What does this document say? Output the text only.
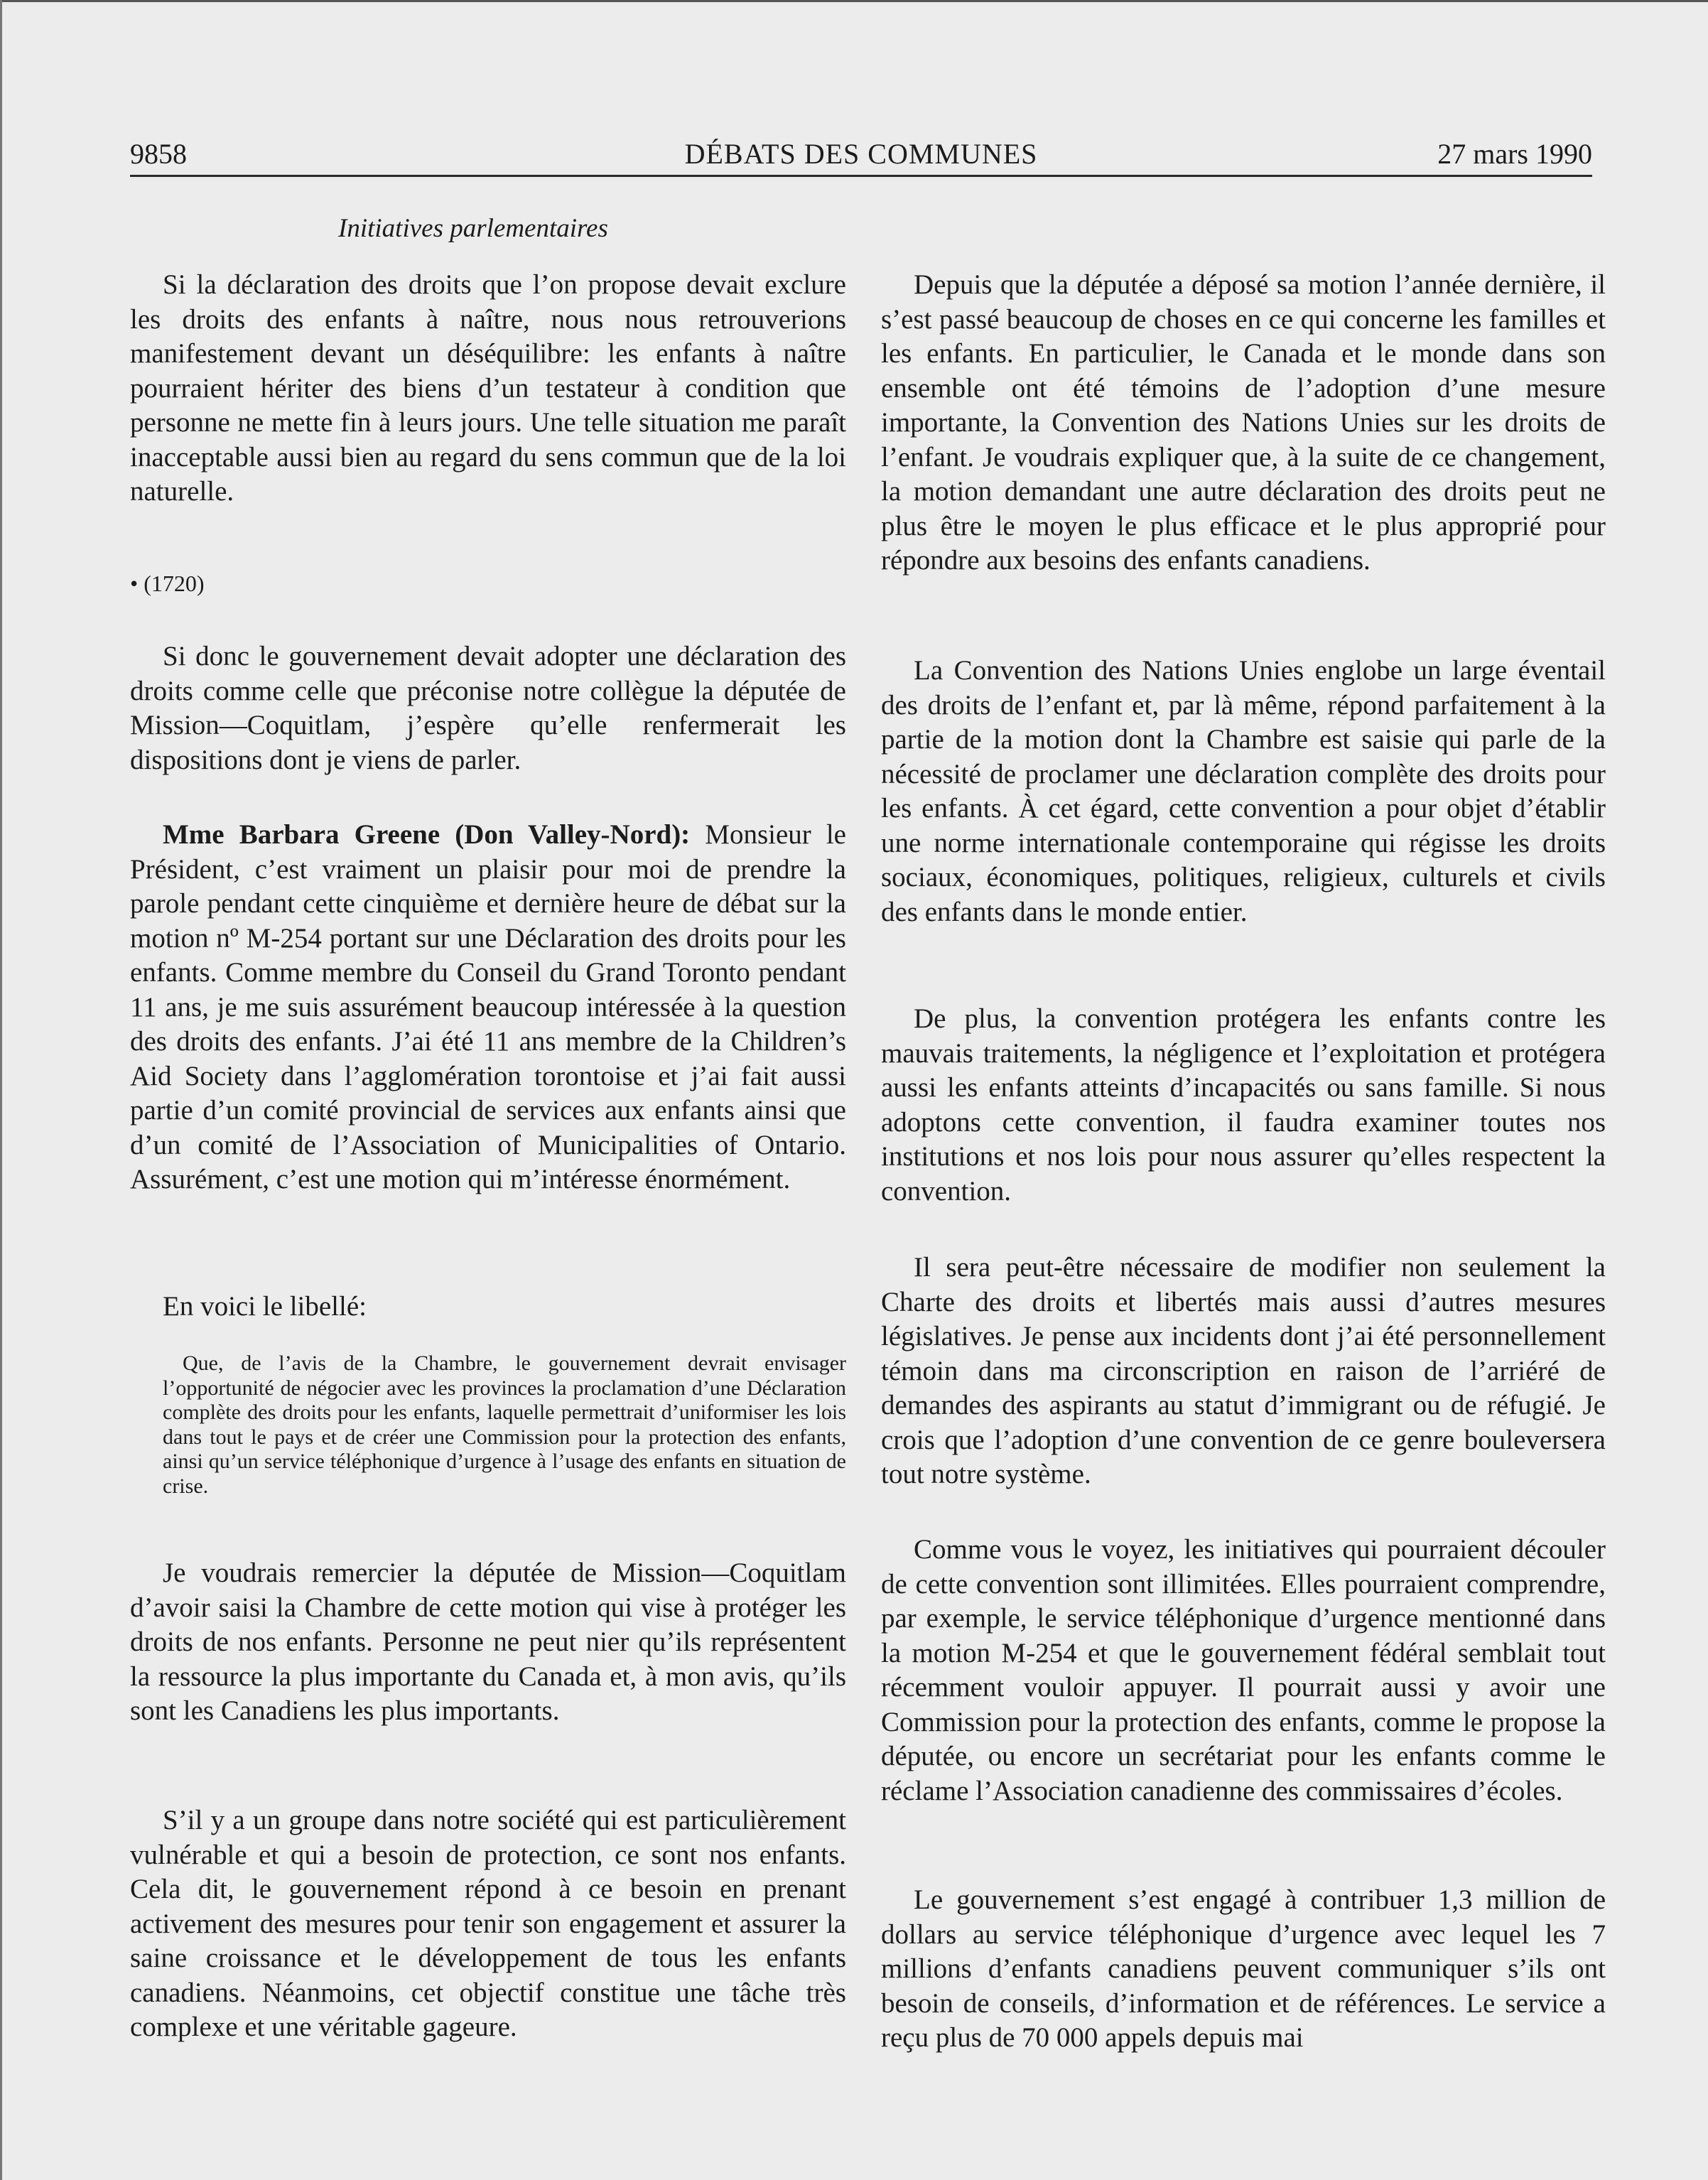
9858	DÉBATS DES COMMUNES	27 mars 1990
Initiatives parlementaires

Si la déclaration des droits que l’on propose devait exclure les droits des enfants à naître, nous nous retrouverions manifestement devant un déséquilibre: les enfants à naître pourraient hériter des biens d’un testateur à condition que personne ne mette fin à leurs jours. Une telle situation me paraît inacceptable aussi bien au regard du sens commun que de la loi naturelle.

• (1720)

Si donc le gouvernement devait adopter une déclaration des droits comme celle que préconise notre collègue la députée de Mission—Coquitlam, j’espère qu’elle renfermerait les dispositions dont je viens de parler.

Mme Barbara Greene (Don Valley-Nord): Monsieur le Président, c’est vraiment un plaisir pour moi de prendre la parole pendant cette cinquième et dernière heure de débat sur la motion nº M-254 portant sur une Déclaration des droits pour les enfants. Comme membre du Conseil du Grand Toronto pendant 11 ans, je me suis assurément beaucoup intéressée à la question des droits des enfants. J’ai été 11 ans membre de la Children’s Aid Society dans l’agglomération torontoise et j’ai fait aussi partie d’un comité provincial de services aux enfants ainsi que d’un comité de l’Association of Municipalities of Ontario. Assurément, c’est une motion qui m’intéresse énormément.

En voici le libellé:

Que, de l’avis de la Chambre, le gouvernement devrait envisager l’opportunité de négocier avec les provinces la proclamation d’une Déclaration complète des droits pour les enfants, laquelle permettrait d’uniformiser les lois dans tout le pays et de créer une Commission pour la protection des enfants, ainsi qu’un service téléphonique d’urgence à l’usage des enfants en situation de crise.

Je voudrais remercier la députée de Mission—Coquitlam d’avoir saisi la Chambre de cette motion qui vise à protéger les droits de nos enfants. Personne ne peut nier qu’ils représentent la ressource la plus importante du Canada et, à mon avis, qu’ils sont les Canadiens les plus importants.

S’il y a un groupe dans notre société qui est particulièrement vulnérable et qui a besoin de protection, ce sont nos enfants. Cela dit, le gouvernement répond à ce besoin en prenant activement des mesures pour tenir son engagement et assurer la saine croissance et le développement de tous les enfants canadiens. Néanmoins, cet objectif constitue une tâche très complexe et une véritable gageure.

Depuis que la députée a déposé sa motion l’année dernière, il s’est passé beaucoup de choses en ce qui concerne les familles et les enfants. En particulier, le Canada et le monde dans son ensemble ont été témoins de l’adoption d’une mesure importante, la Convention des Nations Unies sur les droits de l’enfant. Je voudrais expliquer que, à la suite de ce changement, la motion demandant une autre déclaration des droits peut ne plus être le moyen le plus efficace et le plus approprié pour répondre aux besoins des enfants canadiens.

La Convention des Nations Unies englobe un large éventail des droits de l’enfant et, par là même, répond parfaitement à la partie de la motion dont la Chambre est saisie qui parle de la nécessité de proclamer une déclaration complète des droits pour les enfants. À cet égard, cette convention a pour objet d’établir une norme internationale contemporaine qui régisse les droits sociaux, économiques, politiques, religieux, culturels et civils des enfants dans le monde entier.

De plus, la convention protégera les enfants contre les mauvais traitements, la négligence et l’exploitation et protégera aussi les enfants atteints d’incapacités ou sans famille. Si nous adoptons cette convention, il faudra examiner toutes nos institutions et nos lois pour nous assurer qu’elles respectent la convention.

Il sera peut-être nécessaire de modifier non seulement la Charte des droits et libertés mais aussi d’autres mesures législatives. Je pense aux incidents dont j’ai été personnellement témoin dans ma circonscription en raison de l’arriéré de demandes des aspirants au statut d’immigrant ou de réfugié. Je crois que l’adoption d’une convention de ce genre bouleversera tout notre système.

Comme vous le voyez, les initiatives qui pourraient découler de cette convention sont illimitées. Elles pourraient comprendre, par exemple, le service téléphonique d’urgence mentionné dans la motion M-254 et que le gouvernement fédéral semblait tout récemment vouloir appuyer. Il pourrait aussi y avoir une Commission pour la protection des enfants, comme le propose la députée, ou encore un secrétariat pour les enfants comme le réclame l’Association canadienne des commissaires d’écoles.

Le gouvernement s’est engagé à contribuer 1,3 million de dollars au service téléphonique d’urgence avec lequel les 7 millions d’enfants canadiens peuvent communiquer s’ils ont besoin de conseils, d’information et de références. Le service a reçu plus de 70 000 appels depuis mai
